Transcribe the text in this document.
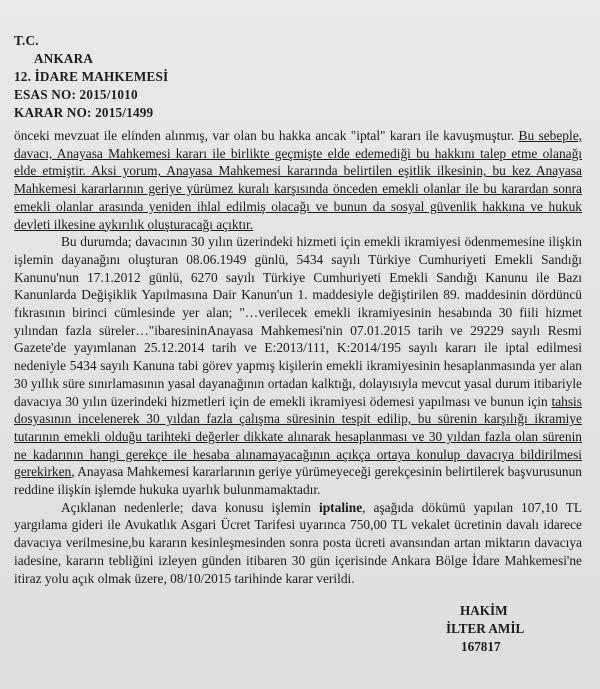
T.C.
ANKARA
12. İDARE MAHKEMESİ
ESAS NO: 2015/1010
KARAR NO: 2015/1499

önceki mevzuat ile elinden alınmış, var olan bu hakka ancak "iptal" kararı ile kavuşmuştur. Bu sebeple, davacı, Anayasa Mahkemesi kararı ile birlikte geçmişte elde edemediği bu hakkını talep etme olanağı elde etmiştir. Aksi yorum, Anayasa Mahkemesi kararında belirtilen eşitlik ilkesinin, bu kez Anayasa Mahkemesi kararlarının geriye yürümez kuralı karşısında önceden emekli olanlar ile bu karardan sonra emekli olanlar arasında yeniden ihlal edilmiş olacağı ve bunun da sosyal güvenlik hakkına ve hukuk devleti ilkesine aykırılık oluşturacağı açıktır.

Bu durumda; davacının 30 yılın üzerindeki hizmeti için emekli ikramiyesi ödenmemesine ilişkin işlemin dayanağını oluşturan 08.06.1949 günlü, 5434 sayılı Türkiye Cumhuriyeti Emekli Sandığı Kanunu'nun 17.1.2012 günlü, 6270 sayılı Türkiye Cumhuriyeti Emekli Sandığı Kanunu ile Bazı Kanunlarda Değişiklik Yapılmasına Dair Kanun'un 1. maddesiyle değiştirilen 89. maddesinin dördüncü fıkrasının birinci cümlesinde yer alan; "…verilecek emekli ikramiyesinin hesabında 30 fiili hizmet yılından fazla süreler…"ibaresininAnayasa Mahkemesi'nin 07.01.2015 tarih ve 29229 sayılı Resmi Gazete'de yayımlanan 25.12.2014 tarih ve E:2013/111, K:2014/195 sayılı kararı ile iptal edilmesi nedeniyle 5434 sayılı Kanuna tabi görev yapmış kişilerin emekli ikramiyesinin hesaplanmasında yer alan 30 yıllık süre sınırlamasının yasal dayanağının ortadan kalktığı, dolayısıyla mevcut yasal durum itibariyle davacıya 30 yılın üzerindeki hizmetleri için de emekli ikramiyesi ödemesi yapılması ve bunun için tahsis dosyasının incelenerek 30 yıldan fazla çalışma süresinin tespit edilip, bu sürenin karşılığı ikramiye tutarının emekli olduğu tarihteki değerler dikkate alınarak hesaplanması ve 30 yıldan fazla olan sürenin ne kadarının hangi gerekçe ile hesaba alınamayacağının açıkça ortaya konulup davacıya bildirilmesi gerekirken, Anayasa Mahkemesi kararlarının geriye yürümeyeceği gerekçesinin belirtilerek başvurusunun reddine ilişkin işlemde hukuka uyarlık bulunmamaktadır.

Açıklanan nedenlerle; dava konusu işlemin iptaline, aşağıda dökümü yapılan 107,10 TL yargılama gideri ile Avukatlık Asgari Ücret Tarifesi uyarınca 750,00 TL vekalet ücretinin davalı idarece davacıya verilmesine,bu kararın kesinleşmesinden sonra posta ücreti avansından artan miktarın davacıya iadesine, kararın tebliğini izleyen günden itibaren 30 gün içerisinde Ankara Bölge İdare Mahkemesi'ne itiraz yolu açık olmak üzere, 08/10/2015 tarihinde karar verildi.

HAKİM
İLTER AMİL
167817
